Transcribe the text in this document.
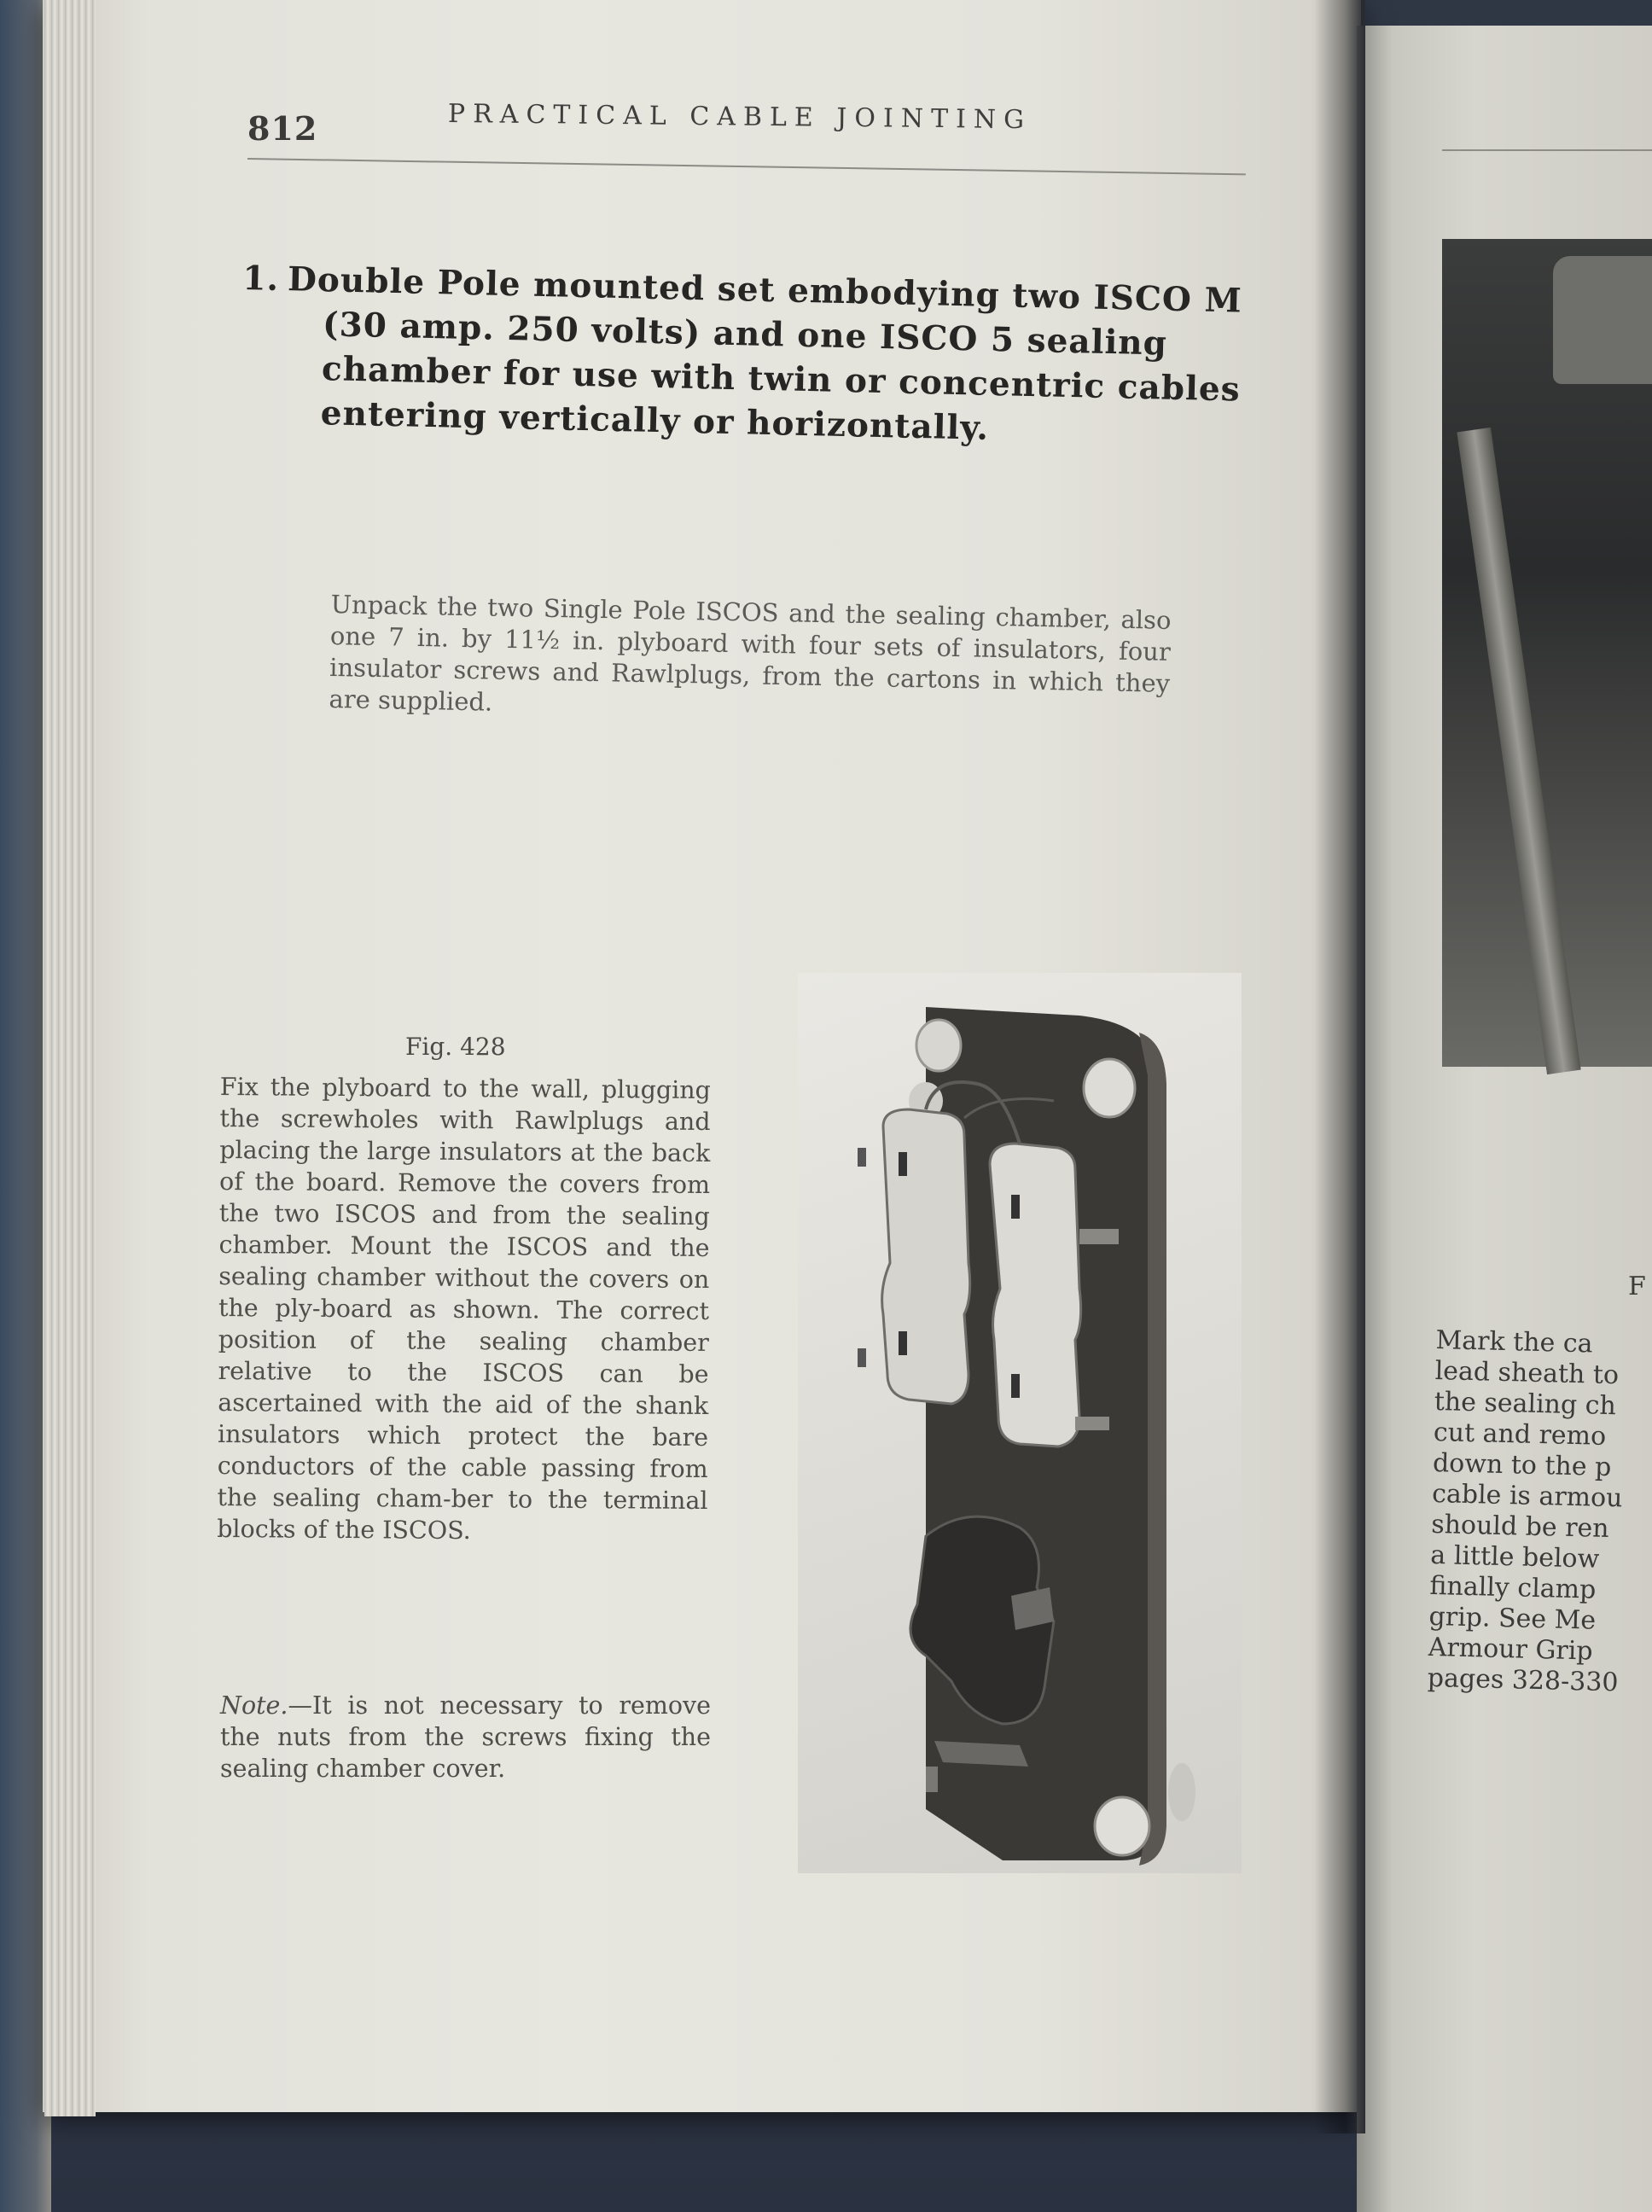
812	PRACTICAL CABLE JOINTING
1. Double Pole mounted set embodying two ISCO M
(30 amp. 250 volts) and one ISCO 5 sealing
chamber for use with twin or concentric cables
entering vertically or horizontally.
Unpack the two Single Pole ISCOS and the sealing chamber, also one 7 in. by 11½ in. plyboard with four sets of insulators, four insulator screws and Rawlplugs, from the cartons in which they are supplied.
Fig. 428
Fix the plyboard to the wall, plugging the screwholes with Rawlplugs and placing the large insulators at the back of the board. Remove the covers from the two ISCOS and from the sealing chamber. Mount the ISCOS and the sealing chamber without the covers on the ply-board as shown. The correct position of the sealing chamber relative to the ISCOS can be ascertained with the aid of the shank insulators which protect the bare conductors of the cable passing from the sealing cham-ber to the terminal blocks of the ISCOS.
Note.—It is not necessary to remove the nuts from the screws fixing the sealing chamber cover.
F
Mark the ca
lead sheath to
the sealing ch
cut and remo
down to the p
cable is armou
should be ren
a little below
finally clamp
grip. See Me
Armour Grip
pages 328-330
